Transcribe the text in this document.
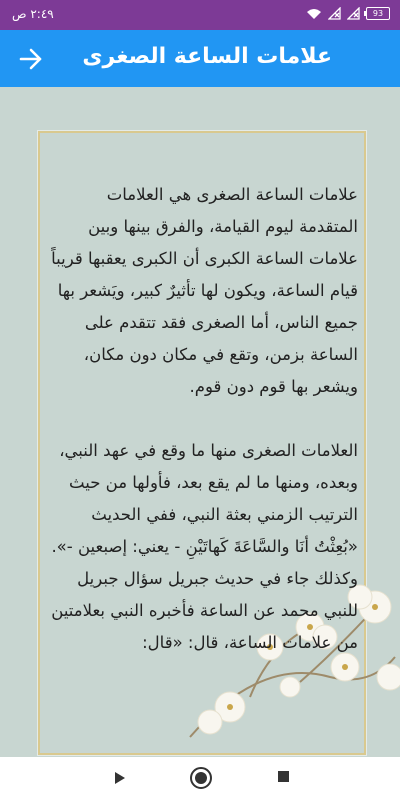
٢:٤٩ ص	93
علامات الساعة الصغرى

علامات الساعة الصغرى هي العلامات المتقدمة ليوم القيامة، والفرق بينها وبين علامات الساعة الكبرى أن الكبرى يعقبها قريباً قيام الساعة، ويكون لها تأثيرٌ كبير، ويَشعر بها جميع الناس، أما الصغرى فقد تتقدم على الساعة بزمن، وتقع في مكان دون مكان، ويشعر بها قوم دون قوم.

العلامات الصغرى منها ما وقع في عهد النبي، وبعده، ومنها ما لم يقع بعد، فأولها من حيث الترتيب الزمني بعثة النبي، ففي الحديث «بُعِثْتُ أنَا والسَّاعَةَ كَهاتَيْنِ - يعني: إصبعين -». وكذلك جاء في حديث جبريل سؤال جبريل للنبي محمد عن الساعة فأخبره النبي بعلامتين من علامات الساعة، قال: «قال:
